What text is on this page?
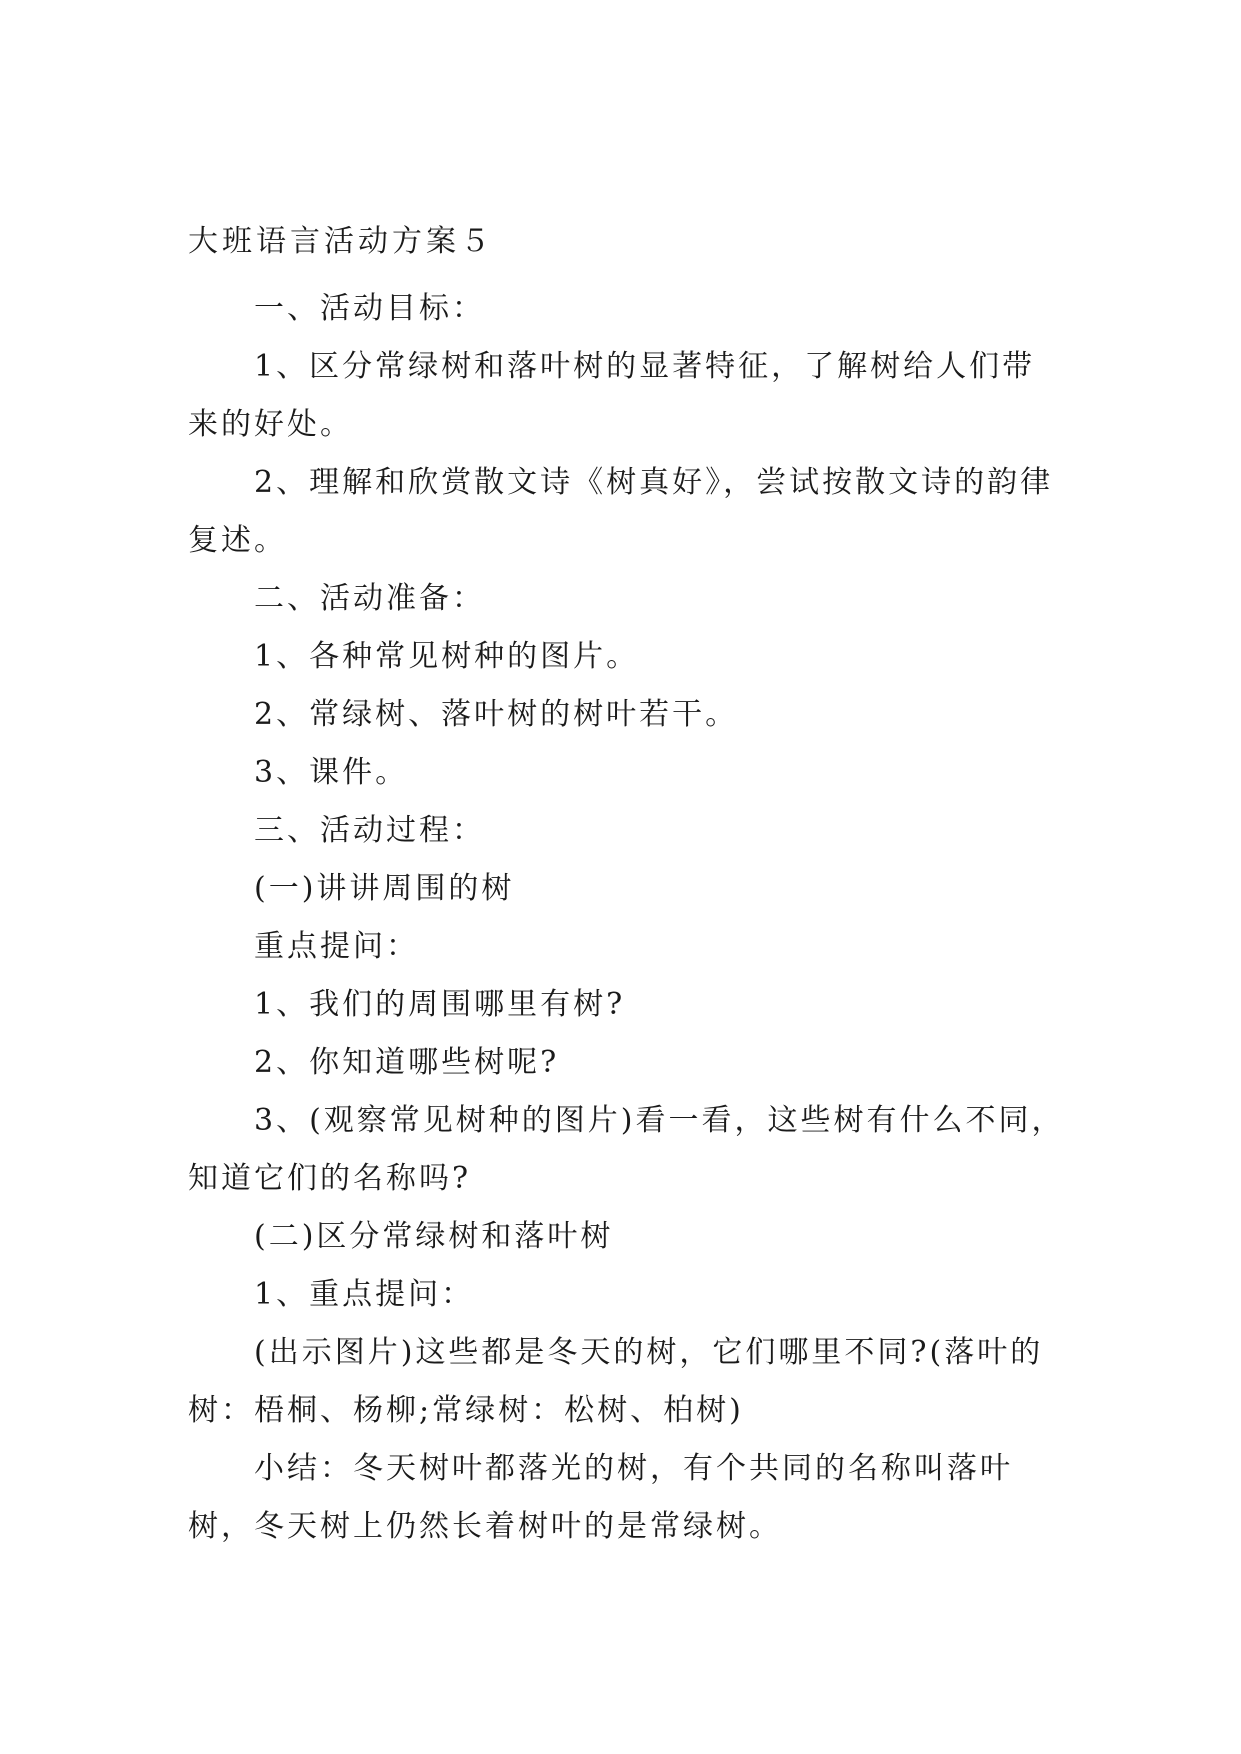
大班语言活动方案５

一、活动目标：

1、区分常绿树和落叶树的显著特征，了解树给人们带来的好处。

2、理解和欣赏散文诗《树真好》，尝试按散文诗的韵律复述。

二、活动准备：

1、各种常见树种的图片。

2、常绿树、落叶树的树叶若干。

3、课件。

三、活动过程：

(一)讲讲周围的树

重点提问：

1、我们的周围哪里有树?

2、你知道哪些树呢?

3、(观察常见树种的图片)看一看，这些树有什么不同，知道它们的名称吗?

(二)区分常绿树和落叶树

1、重点提问：

(出示图片)这些都是冬天的树，它们哪里不同?(落叶的树：梧桐、杨柳;常绿树：松树、柏树)

小结：冬天树叶都落光的树，有个共同的名称叫落叶树，冬天树上仍然长着树叶的是常绿树。
